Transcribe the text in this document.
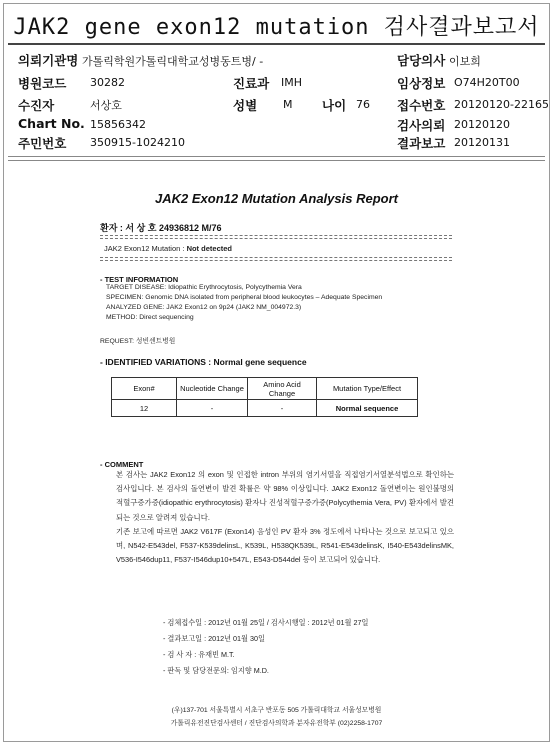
JAK2 gene exon12 mutation 검사결과보고서
의뢰기관명 가톨릭학원가톨릭대학교성병동트병/ -	담당의사 이보희
병원코드 30282	진료과 IMH	임상정보 O74H20T00
수진자	서상호	성별 M 나이 76 접수번호 20120120-22165
Chart No. 15856342	검사의뢰 20120120
주민번호 350915-1024210	결과보고 20120131
JAK2 Exon12 Mutation Analysis Report
환자 : 서 상 호 24936812 M/76
JAK2 Exon12 Mutation : Not detected
- TEST INFORMATION
TARGET DISEASE: Idiopathic Erythrocytosis, Polycythemia Vera
SPECIMEN: Genomic DNA isolated from peripheral blood leukocytes – Adequate Specimen
ANALYZED GENE: JAK2 Exon12 on 9p24 (JAK2 NM_004972.3)
METHOD: Direct sequencing
REQUEST: 성빈센트병원
- IDENTIFIED VARIATIONS : Normal gene sequence
Exon#	Nucleotide Change	Amino Acid Change	Mutation Type/Effect
12	-	-	Normal sequence
- COMMENT

본 검사는 JAK2 Exon12 의 exon 및 인접한 intron 부위의 염기서열을 직접염기서열분석법으로 확인하는 검사입니다. 본 검사의 돌연변이 발견 확률은 약 98% 이상입니다. JAK2 Exon12 돌연변이는 원인불명의 적혈구증가증(idiopathic erythrocytosis) 환자나 진성적혈구증가증(Polycythemia Vera, PV) 환자에서 발견되는 것으로 알려져 있습니다.

기존 보고에 따르면 JAK2 V617F (Exon14) 음성인 PV 환자 3% 정도에서 나타나는 것으로 보고되고 있으며, N542-E543del, F537-K539delinsL, K539L, H538QK539L, R541-E543delinsK, I540-E543delinsMK, V536-I546dup11, F537-I546dup10+547L, E543-D544del 등이 보고되어 있습니다.

- 검체접수일 : 2012년 01월 25일 / 검사시행일 : 2012년 01월 27일
- 결과보고일 : 2012년 01월 30일
- 검 사 자 : 유재빈 M.T.
- 판독 및 담당전문의: 임지향 M.D.
(우)137-701 서울특별시 서초구 반포동 505 가톨릭대학교 서울성모병원
가톨릭유전진단검사센터 / 진단검사의학과 분자유전학부 (02)2258-1707
